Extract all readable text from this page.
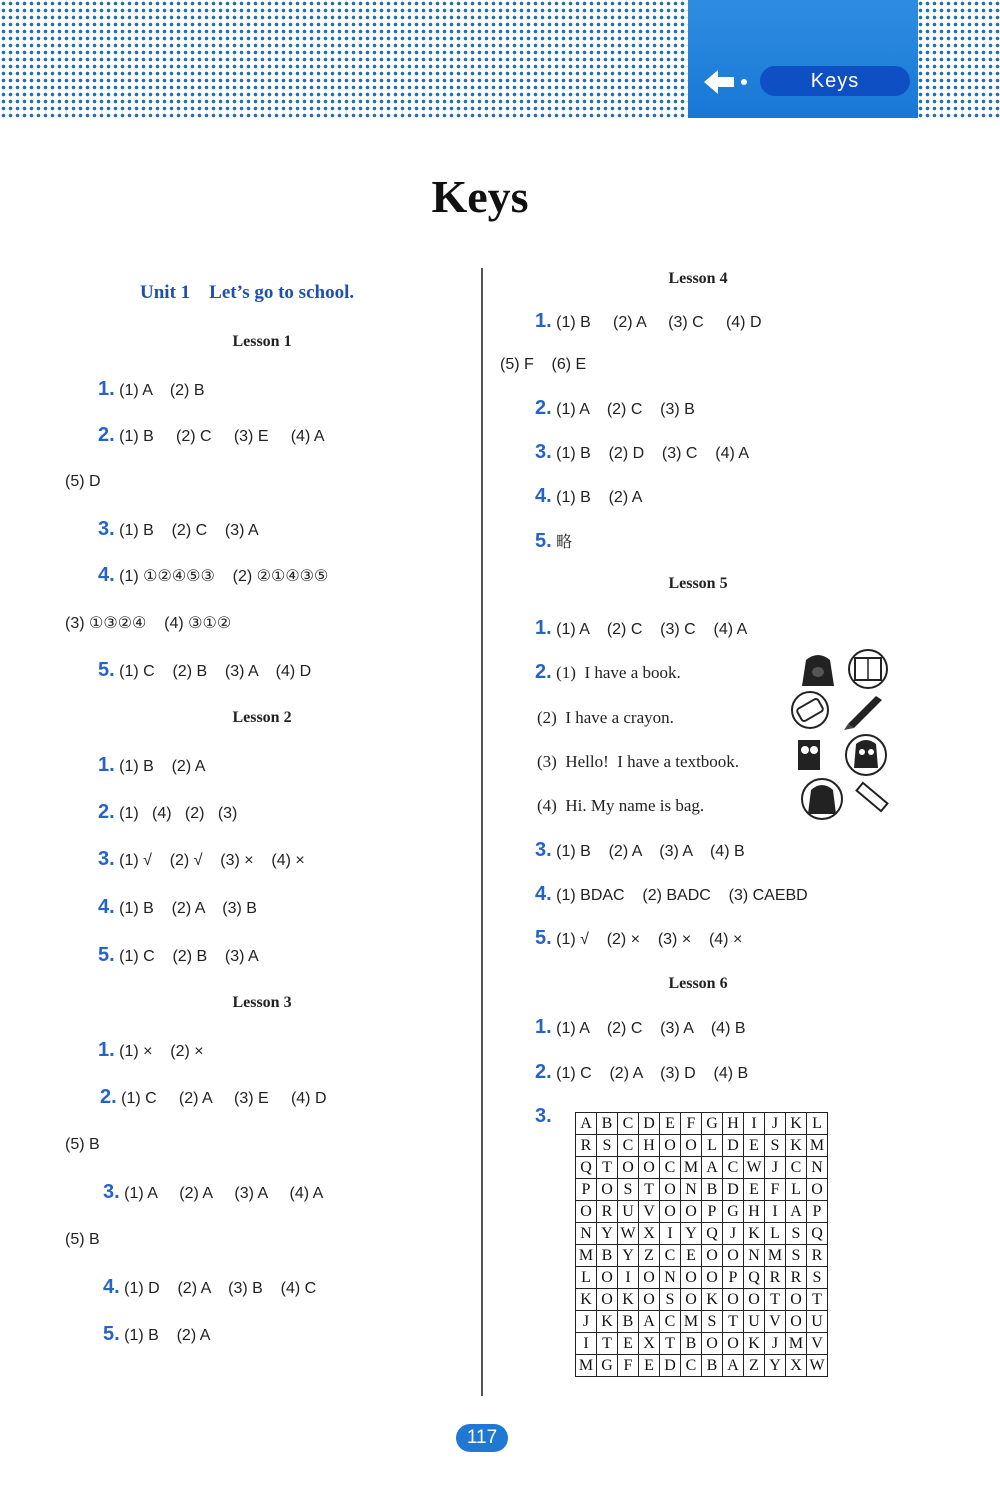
Keys
Keys
Unit 1    Let’s go to school.
Lesson 1
1. (1) A    (2) B
2. (1) B     (2) C     (3) E     (4) A
(5) D
3. (1) B    (2) C    (3) A
4. (1) ①②④⑤③    (2) ②①④③⑤
(3) ①③②④    (4) ③①②
5. (1) C    (2) B    (3) A    (4) D
Lesson 2
1. (1) B    (2) A
2. (1)   (4)   (2)   (3)
3. (1) √    (2) √    (3) ×    (4) ×
4. (1) B    (2) A    (3) B
5. (1) C    (2) B    (3) A
Lesson 3
1. (1) ×    (2) ×
2. (1) C     (2) A     (3) E     (4) D
(5) B
3. (1) A     (2) A     (3) A     (4) A
(5) B
4. (1) D    (2) A    (3) B    (4) C
5. (1) B    (2) A
Lesson 4
1. (1) B     (2) A     (3) C     (4) D
(5) F    (6) E
2. (1) A    (2) C    (3) B
3. (1) B    (2) D    (3) C    (4) A
4. (1) B    (2) A
5. 略
Lesson 5
1. (1) A    (2) C    (3) C    (4) A
2. (1)  I have a book.
(2)  I have a crayon.
(3)  Hello!  I have a textbook.
(4)  Hi. My name is bag.
3. (1) B    (2) A    (3) A    (4) B
4. (1) BDAC    (2) BADC    (3) CAEBD
5. (1) √    (2) ×    (3) ×    (4) ×
Lesson 6
1. (1) A    (2) C    (3) A    (4) B
2. (1) C    (2) A    (3) D    (4) B
3. A	B	C	D	E	F	G	H	I	J	K	L
R	S	C	H	O	O	L	D	E	S	K	M
Q	T	O	O	C	M	A	C	W	J	C	N
P	O	S	T	O	N	B	D	E	F	L	O
O	R	U	V	O	O	P	G	H	I	A	P
N	Y	W	X	I	Y	Q	J	K	L	S	Q
M	B	Y	Z	C	E	O	O	N	M	S	R
L	O	I	O	N	O	O	P	Q	R	R	S
K	O	K	O	S	O	K	O	O	T	O	T
J	K	B	A	C	M	S	T	U	V	O	U
I	T	E	X	T	B	O	O	K	J	M	V
M	G	F	E	D	C	B	A	Z	Y	X	W
117
